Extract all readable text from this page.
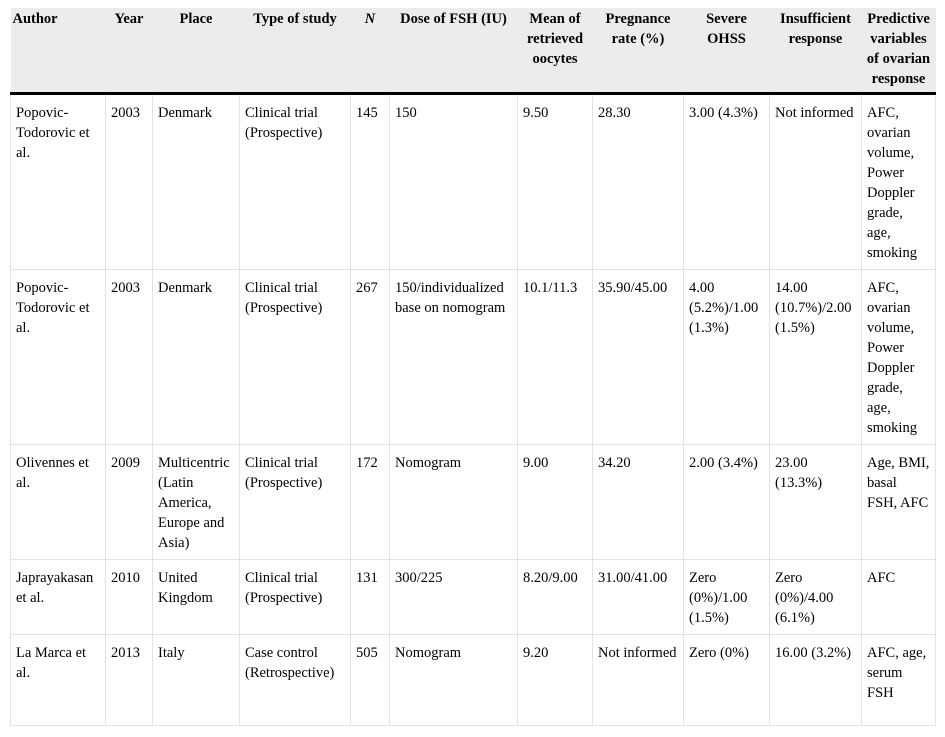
Author	Year	Place	Type of study	N	Dose of FSH (IU)	Mean of retrieved oocytes	Pregnance rate (%)	Severe OHSS	Insufficient response	Predictive variables of ovarian response
Popovic-Todorovic et al.	2003	Denmark	Clinical trial (Prospective)	145	150	9.50	28.30	3.00 (4.3%)	Not informed	AFC, ovarian volume, Power Doppler grade, age, smoking
Popovic-Todorovic et al.	2003	Denmark	Clinical trial (Prospective)	267	150/individualized base on nomogram	10.1/11.3	35.90/45.00	4.00 (5.2%)/1.00 (1.3%)	14.00 (10.7%)/2.00 (1.5%)	AFC, ovarian volume, Power Doppler grade, age, smoking
Olivennes et al.	2009	Multicentric (Latin America, Europe and Asia)	Clinical trial (Prospective)	172	Nomogram	9.00	34.20	2.00 (3.4%)	23.00 (13.3%)	Age, BMI, basal FSH, AFC
Japrayakasan et al.	2010	United Kingdom	Clinical trial (Prospective)	131	300/225	8.20/9.00	31.00/41.00	Zero (0%)/1.00 (1.5%)	Zero (0%)/4.00 (6.1%)	AFC
La Marca et al.	2013	Italy	Case control (Retrospective)	505	Nomogram	9.20	Not informed	Zero (0%)	16.00 (3.2%)	AFC, age, serum FSH
